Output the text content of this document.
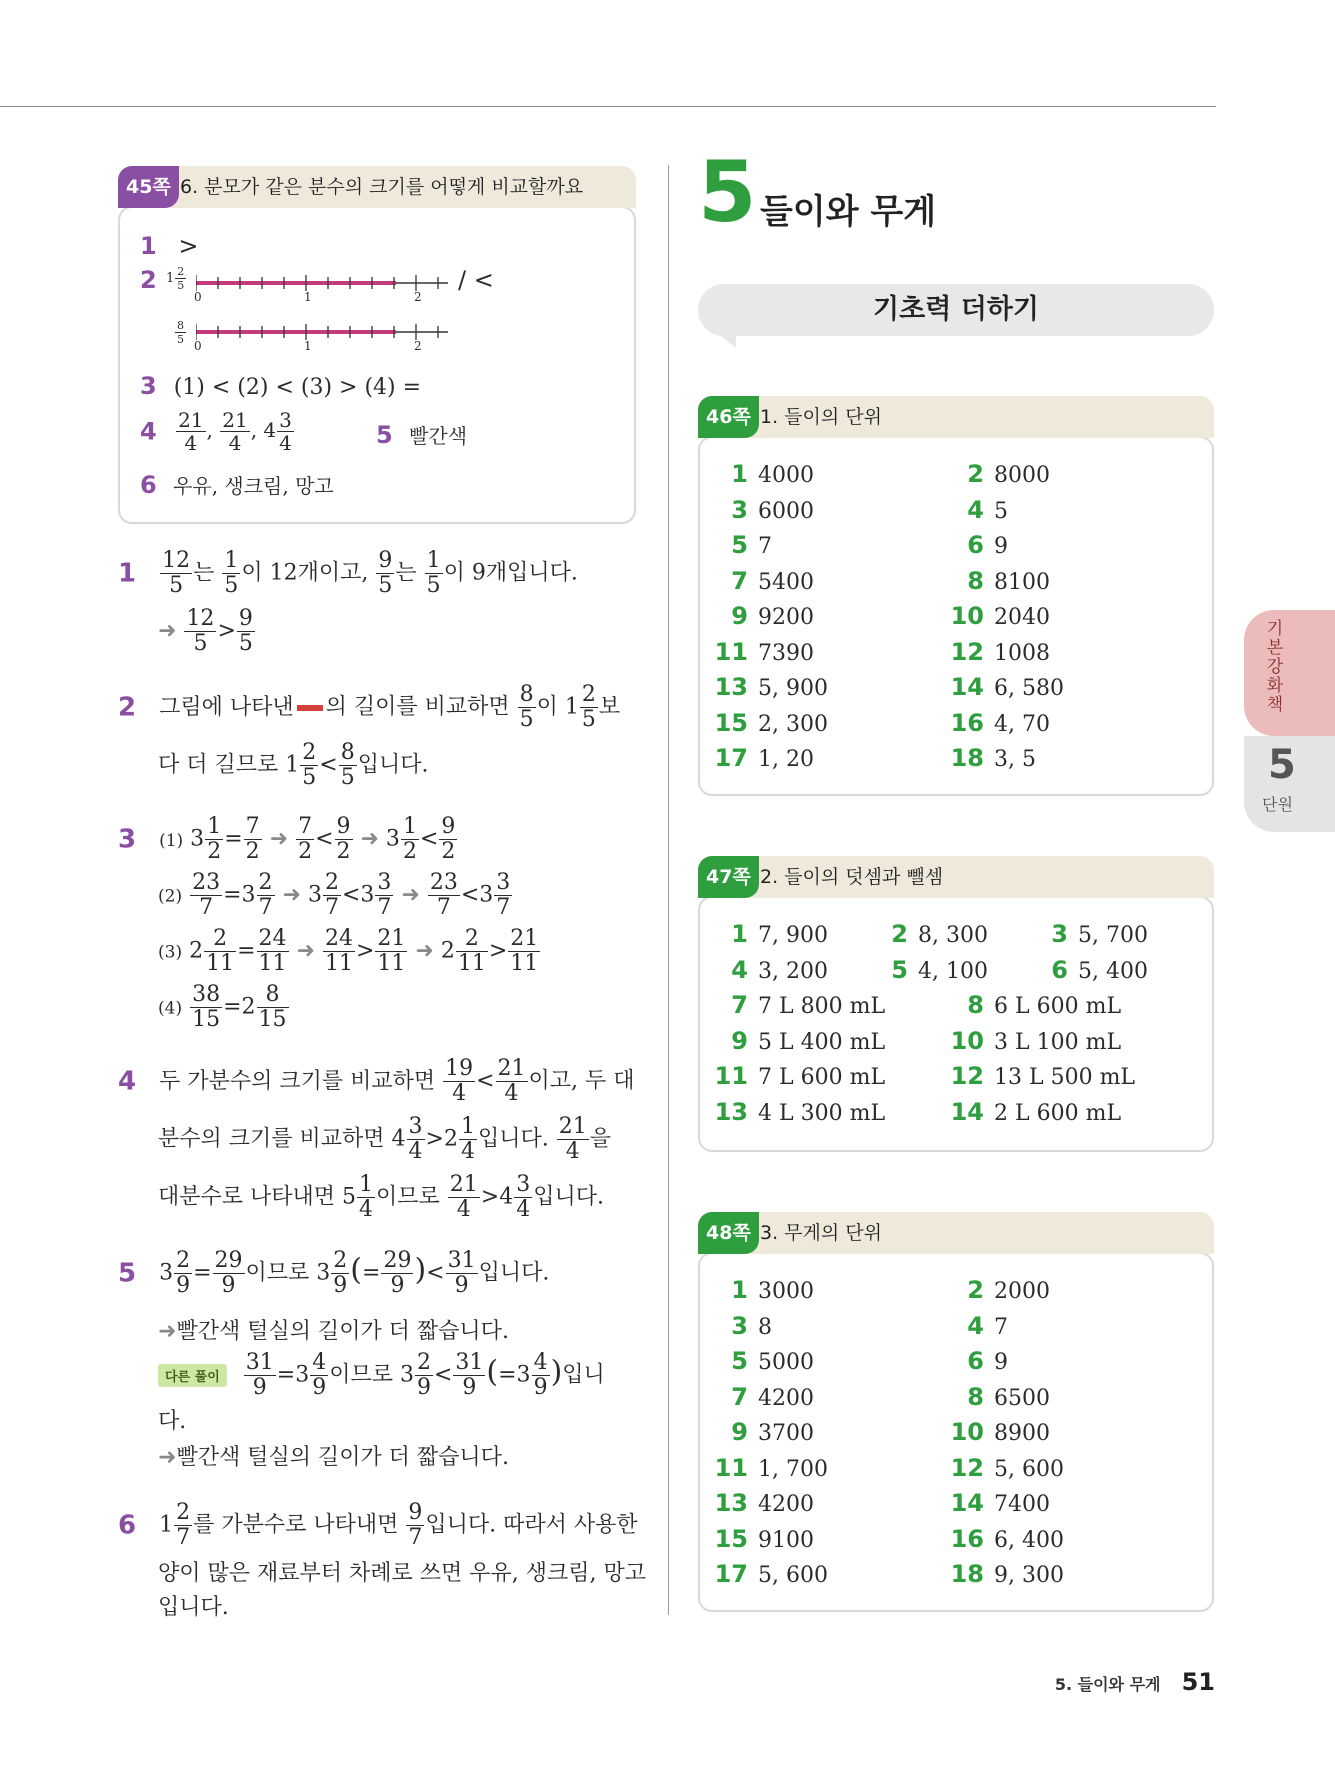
45쪽 6. 분모가 같은 분수의 크기를 어떻게 비교할까요
1 >
2 $1 \frac{2}{5}$
0	1	2
/ <
$\frac{8}{5}$
0	1	2
3 (1) < (2) < (3) > (4) =
$4 \frac{21}{4}$ , $\frac{21}{4}$ , $4 \frac{3}{4}$	5 빨간색
6 우유, 생크림, 망고
$1 \frac{12}{5}$ 는 $\frac{1}{5}$ 이 12개이고, $\frac{9}{5}$ 는 $\frac{1}{5}$ 이 9개입니다.
➜ $\frac{12}{5} > \frac{9}{5}$
2 그림에 나타낸 의 길이를 비교하면 $\frac{8}{5}$ 이 $1 \frac{2}{5}$ 보
다 더 길므로 $1 \frac{2}{5} < \frac{8}{5}$ 입니다.
3 (1) $3 \frac{1}{2} = \frac{7}{2}$ ➜ $\frac{7}{2} < \frac{9}{2}$ ➜ $3 \frac{1}{2} < \frac{9}{2}$
$(2) \frac{23}{7} =3 \frac{2}{7}$ ➜ $3 \frac{2}{7} <3 \frac{3}{7}$ ➜ $\frac{23}{7} <3 \frac{3}{7}$
(3) $2 \frac{2}{11} = \frac{24}{11}$ ➜ $\frac{24}{11} > \frac{21}{11}$ ➜ $2 \frac{2}{11} > \frac{21}{11}$
$(4) \frac{38}{15} =2 \frac{8}{15}$
4 두 가분수의 크기를 비교하면 $\frac{19}{4} < \frac{21}{4}$ 이고, 두 대
분수의 크기를 비교하면 $4 \frac{3}{4} >2 \frac{1}{4}$ 입니다. $\frac{21}{4}$ 을
대분수로 나타내면 $5 \frac{1}{4}$ 이므로 $\frac{21}{4} >4 \frac{3}{4}$ 입니다.
5 $3 \frac{2}{9} = \frac{29}{9}$ 이므로 $3 \frac{2}{9}$ (= $\frac{29}{9}$ )< $\frac{31}{9}$ 입니다.
➜빨간색 털실의 길이가 더 짧습니다.
다른 풀이 $\frac{31}{9} =3 \frac{4}{9}$ 이므로 $3 \frac{2}{9} < \frac{31}{9} (=3 \frac{4}{9}$ )입니
다.
➜빨간색 털실의 길이가 더 짧습니다.
6 $1 \frac{2}{7}$ 를 가분수로 나타내면 $\frac{9}{7}$ 입니다. 따라서 사용한
양이 많은 재료부터 차례로 쓰면 우유, 생크림, 망고
입니다.
5 들이와 무게
기초력 더하기
46쪽 1. 들이의 단위
1 4000	2 8000
3 6000	4 5
5 7	6 9
7 5400	8 8100
9 9200	10 2040
11 7390	12 1008
13 5, 900	14 6, 580
15 2, 300	16 4, 70
17 1, 20	18 3, 5
47쪽 2. 들이의 덧셈과 뺄셈
1 7, 900	2 8, 300	3 5, 700
4 3, 200	5 4, 100	6 5, 400
7 7 L 800 mL	8 6 L 600 mL
9 5 L 400 mL	10 3 L 100 mL
11 7 L 600 mL	12 13 L 500 mL
13 4 L 300 mL	14 2 L 600 mL
48쪽 3. 무게의 단위
1 3000	2 2000
3 8	4 7
5 5000	6 9
7 4200	8 6500
9 3700	10 8900
11 1, 700	12 5, 600
13 4200	14 7400
15 9100	16 6, 400
17 5, 600	18 9, 300
기본 강화책
5
단원
5. 들이와 무게 51
